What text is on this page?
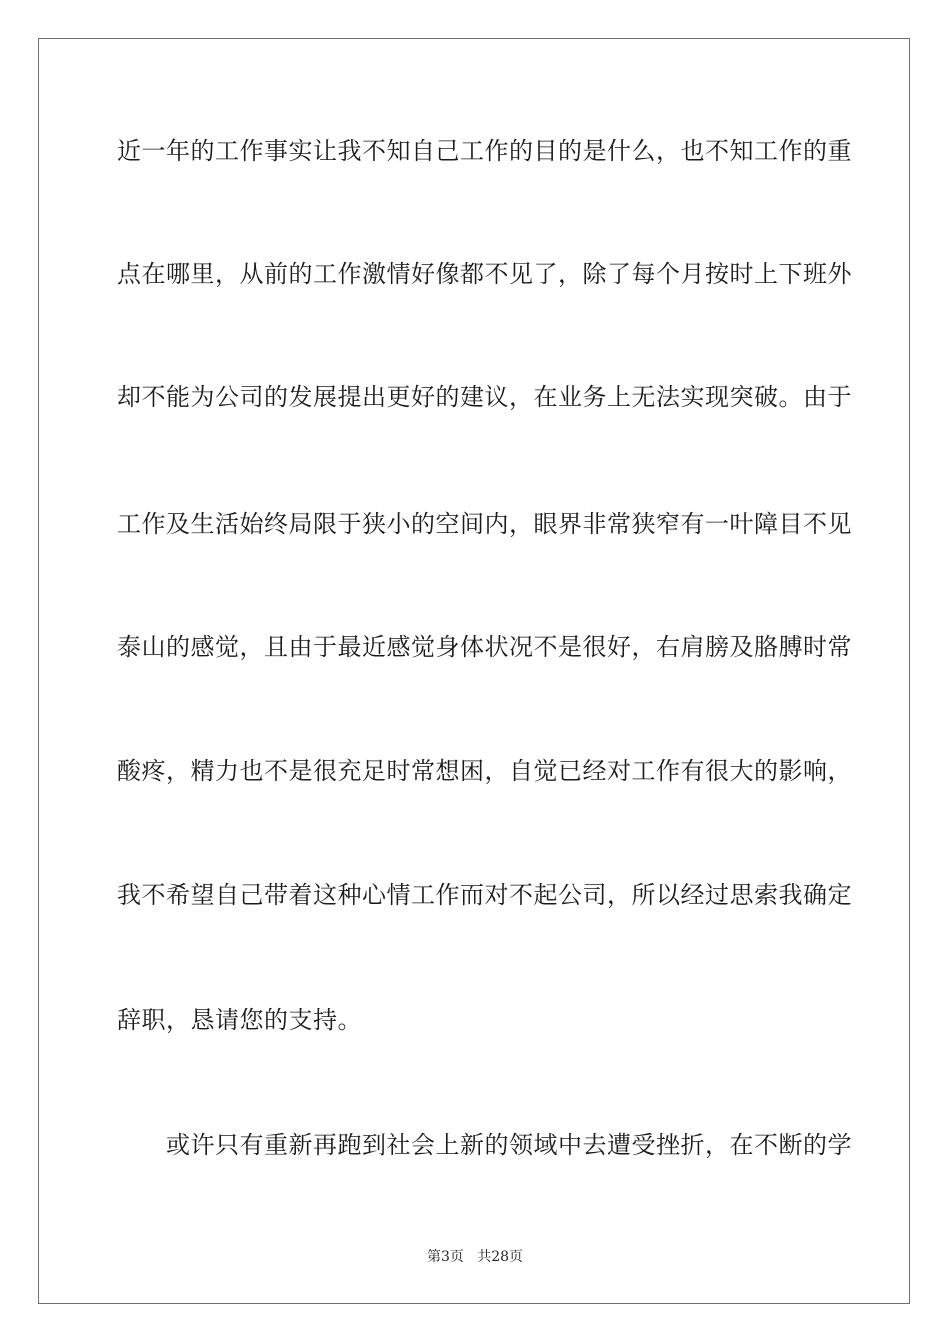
近一年的工作事实让我不知自己工作的目的是什么，也不知工作的重
点在哪里，从前的工作激情好像都不见了，除了每个月按时上下班外
却不能为公司的发展提出更好的建议，在业务上无法实现突破。由于
工作及生活始终局限于狭小的空间内，眼界非常狭窄有一叶障目不见
泰山的感觉，且由于最近感觉身体状况不是很好，右肩膀及胳膊时常
酸疼，精力也不是很充足时常想困，自觉已经对工作有很大的影响，
我不希望自己带着这种心情工作而对不起公司，所以经过思索我确定
辞职，恳请您的支持。
或许只有重新再跑到社会上新的领域中去遭受挫折，在不断的学
第3页   共28页
